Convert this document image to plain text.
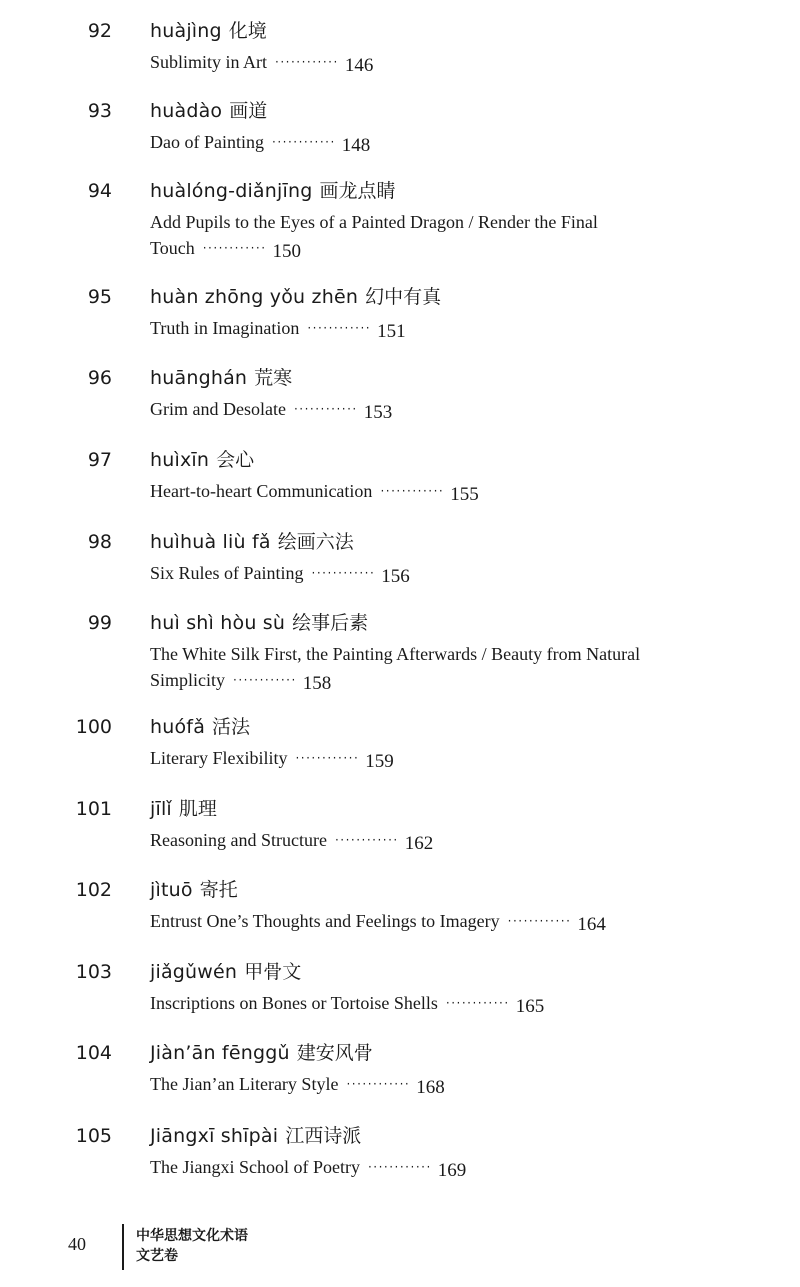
92 huàjìng 化境
Sublimity in Art ············ 146
93 huàdào 画道
Dao of Painting ············ 148
94 huàlóng-diǎnjīng 画龙点睛
Add Pupils to the Eyes of a Painted Dragon / Render the Final Touch ············ 150
95 huàn zhōng yǒu zhēn 幻中有真
Truth in Imagination ············ 151
96 huānghán 荒寒
Grim and Desolate ············ 153
97 huìxīn 会心
Heart-to-heart Communication ············ 155
98 huìhuà liù fǎ 绘画六法
Six Rules of Painting ············ 156
99 huì shì hòu sù 绘事后素
The White Silk First, the Painting Afterwards / Beauty from Natural Simplicity ············ 158
100 huófǎ 活法
Literary Flexibility ············ 159
101 jīlǐ 肌理
Reasoning and Structure ············ 162
102 jìtuō 寄托
Entrust One’s Thoughts and Feelings to Imagery ············ 164
103 jiǎgǔwén 甲骨文
Inscriptions on Bones or Tortoise Shells ············ 165
104 Jiàn’ān fēnggǔ 建安风骨
The Jian’an Literary Style ············ 168
105 Jiāngxī shīpài 江西诗派
The Jiangxi School of Poetry ············ 169
40	中华思想文化术语
文艺卷
